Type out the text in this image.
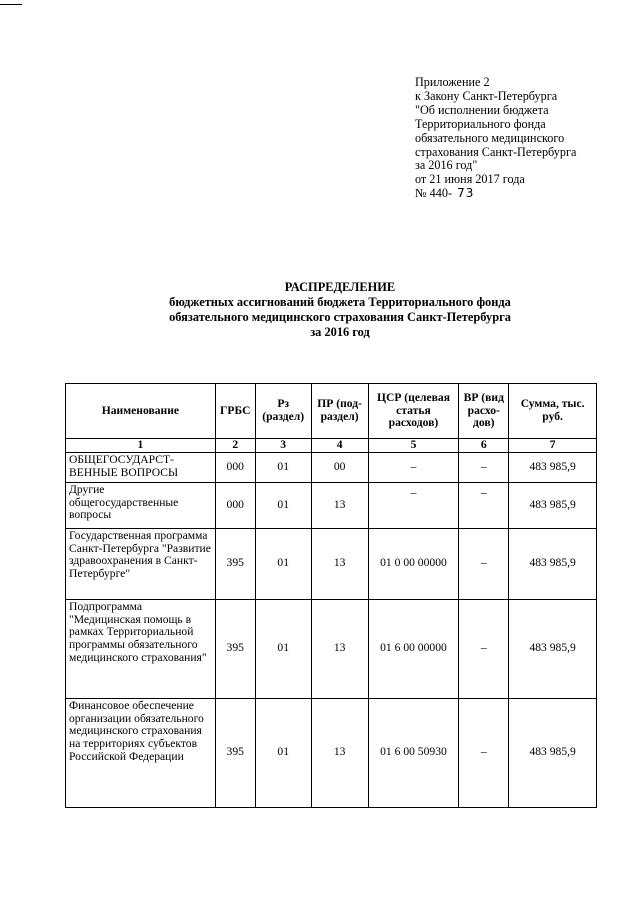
Приложение 2
к Закону Санкт-Петербурга
"Об исполнении бюджета
Территориального фонда
обязательного медицинского
страхования Санкт-Петербурга
за 2016 год"
от 21 июня 2017 года
№ 440- 73
РАСПРЕДЕЛЕНИЕ
бюджетных ассигнований бюджета Территориального фонда
обязательного медицинского страхования Санкт-Петербурга
за 2016 год
Наименование	ГРБС	Рз (раздел)	ПР (под-раздел)	ЦСР (целевая статья расходов)	ВР (вид расхо-дов)	Сумма, тыс. руб.
1	2	3	4	5	6	7
ОБЩЕГОСУДАРСТ-ВЕННЫЕ ВОПРОСЫ	000	01	00	–	–	483 985,9
Другие общегосударственные вопросы	000	01	13	–	–	483 985,9
Государственная программа Санкт-Петербурга "Развитие здравоохранения в Санкт-Петербурге"	395	01	13	01 0 00 00000	–	483 985,9
Подпрограмма "Медицинская помощь в рамках Территориальной программы обязательного медицинского страхования"	395	01	13	01 6 00 00000	–	483 985,9
Финансовое обеспечение организации обязательного медицинского страхования на территориях субъектов Российской Федерации	395	01	13	01 6 00 50930	–	483 985,9
